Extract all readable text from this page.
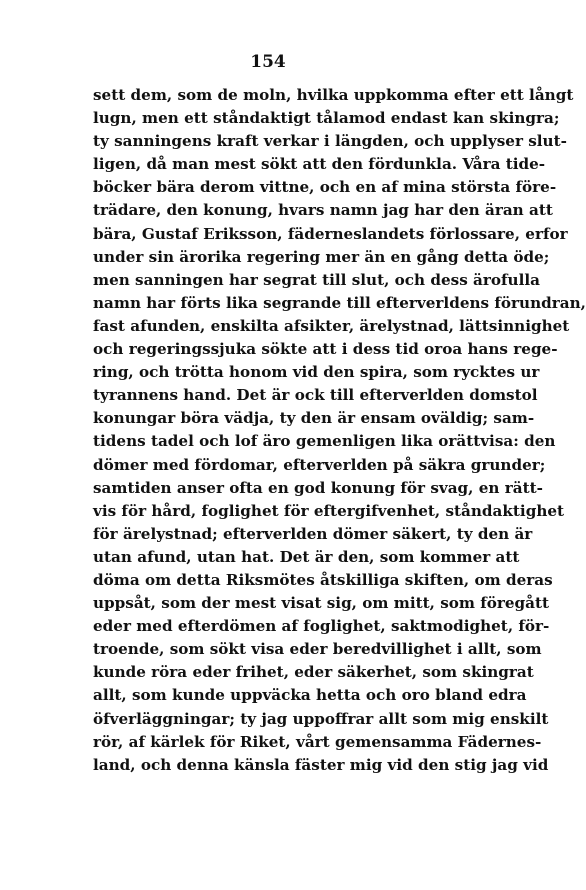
154
sett dem, som de moln, hvilka uppkomma efter ett långt
lugn, men ett ståndaktigt tålamod endast kan skingra;
ty sanningens kraft verkar i längden, och upplyser slut-
ligen, då man mest sökt att den fördunkla. Våra tide-
böcker bära derom vittne, och en af mina största före-
trädare, den konung, hvars namn jag har den äran att
bära, Gustaf Eriksson, fäderneslandets förlossare, erfor
under sin ärorika regering mer än en gång detta öde;
men sanningen har segrat till slut, och dess ärofulla
namn har förts lika segrande till efterverldens förundran,
fast afunden, enskilta afsikter, ärelystnad, lättsinnighet
och regeringssjuka sökte att i dess tid oroa hans rege-
ring, och trötta honom vid den spira, som rycktes ur
tyrannens hand. Det är ock till efterverlden domstol
konungar böra vädja, ty den är ensam oväldig; sam-
tidens tadel och lof äro gemenligen lika orättvisa: den
dömer med fördomar, efterverlden på säkra grunder;
samtiden anser ofta en god konung för svag, en rätt-
vis för hård, foglighet för eftergifvenhet, ståndaktighet
för ärelystnad; efterverlden dömer säkert, ty den är
utan afund, utan hat. Det är den, som kommer att
döma om detta Riksmötes åtskilliga skiften, om deras
uppsåt, som der mest visat sig, om mitt, som föregått
eder med efterdömen af foglighet, saktmodighet, för-
troende, som sökt visa eder beredvillighet i allt, som
kunde röra eder frihet, eder säkerhet, som skingrat
allt, som kunde uppväcka hetta och oro bland edra
öfverläggningar; ty jag uppoffrar allt som mig enskilt
rör, af kärlek för Riket, vårt gemensamma Fädernes-
land, och denna känsla fäster mig vid den stig jag vid
